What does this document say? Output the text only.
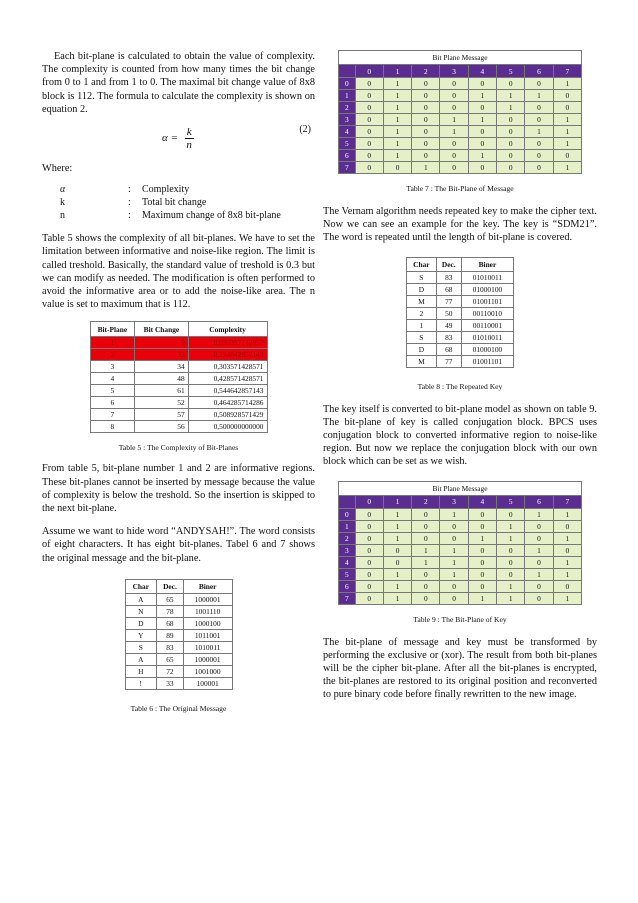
Each bit-plane is calculated to obtain the value of complexity. The complexity is counted from how many times the bit change from 0 to 1 and from 1 to 0. The maximal bit change value of 8x8 block is 112. The formula to calculate the complexity is shown on equation 2.

$\alpha = \frac{k}{n}$	(2)

Where:

α	:	Complexity
k	:	Total bit change
n	:	Maximum change of 8x8 bit-plane

Table 5 shows the complexity of all bit-planes. We have to set the limitation between informative and noise-like region. The limit is called treshold. Basically, the standard value of treshold is 0.3 but we can modify as needed. The modification is often performed to avoid the informative area or to add the noise-like area. The n value is set to maximum that is 112.

Bit-Plane	Bit Change	Complexity
1	9	0,080357142857
2	33	0,294642857143
3	34	0,303571428571
4	48	0,428571428571
5	61	0,544642857143
6	52	0,464285714286
7	57	0,508928571429
8	56	0,500000000000
Table 5 : The Complexity of Bit-Planes

From table 5, bit-plane number 1 and 2 are informative regions. These bit-planes cannot be inserted by message because the value of complexity is below the treshold. So the insertion is skipped to the next bit-plane.

Assume we want to hide word “ANDYSAH!”. The word consists of eight characters. It has eight bit-planes. Tabel 6 and 7 shows the original message and the bit-plane.

Char	Dec.	Biner
A	65	1000001
N	78	1001110
D	68	1000100
Y	89	1011001
S	83	1010011
A	65	1000001
H	72	1001000
!	33	100001
Table 6 : The Original Message
Bit Plane Message								
	0	1	2	3	4	5	6	7
0	0	1	0	0	0	0	0	1
1	0	1	0	0	1	1	1	0
2	0	1	0	0	0	1	0	0
3	0	1	0	1	1	0	0	1
4	0	1	0	1	0	0	1	1
5	0	1	0	0	0	0	0	1
6	0	1	0	0	1	0	0	0
7	0	0	1	0	0	0	0	1
Table 7 : The Bit-Plane of Message

The Vernam algorithm needs repeated key to make the cipher text. Now we can see an example for the key. The key is “SDM21”. The word is repeated until the length of bit-plane is covered.

Char	Dec.	Biner
S	83	01010011
D	68	01000100
M	77	01001101
2	50	00110010
1	49	00110001
S	83	01010011
D	68	01000100
M	77	01001101
Table 8 : The Repeated Key

The key itself is converted to bit-plane model as shown on table 9. The bit-plane of key is called conjugation block. BPCS uses conjugation block to converted informative region to noise-like region. But now we replace the conjugation block with our own block which can be set as we wish.

Bit Plane Message								
	0	1	2	3	4	5	6	7
0	0	1	0	1	0	0	1	1
1	0	1	0	0	0	1	0	0
2	0	1	0	0	1	1	0	1
3	0	0	1	1	0	0	1	0
4	0	0	1	1	0	0	0	1
5	0	1	0	1	0	0	1	1
6	0	1	0	0	0	1	0	0
7	0	1	0	0	1	1	0	1
Table 9 : The Bit-Plane of Key

The bit-plane of message and key must be transformed by performing the exclusive or (xor). The result from both bit-planes will be the cipher bit-plane. After all the bit-planes is encrypted, the bit-planes are restored to its original position and reconverted to pure binary code before finally rewritten to the new image.
